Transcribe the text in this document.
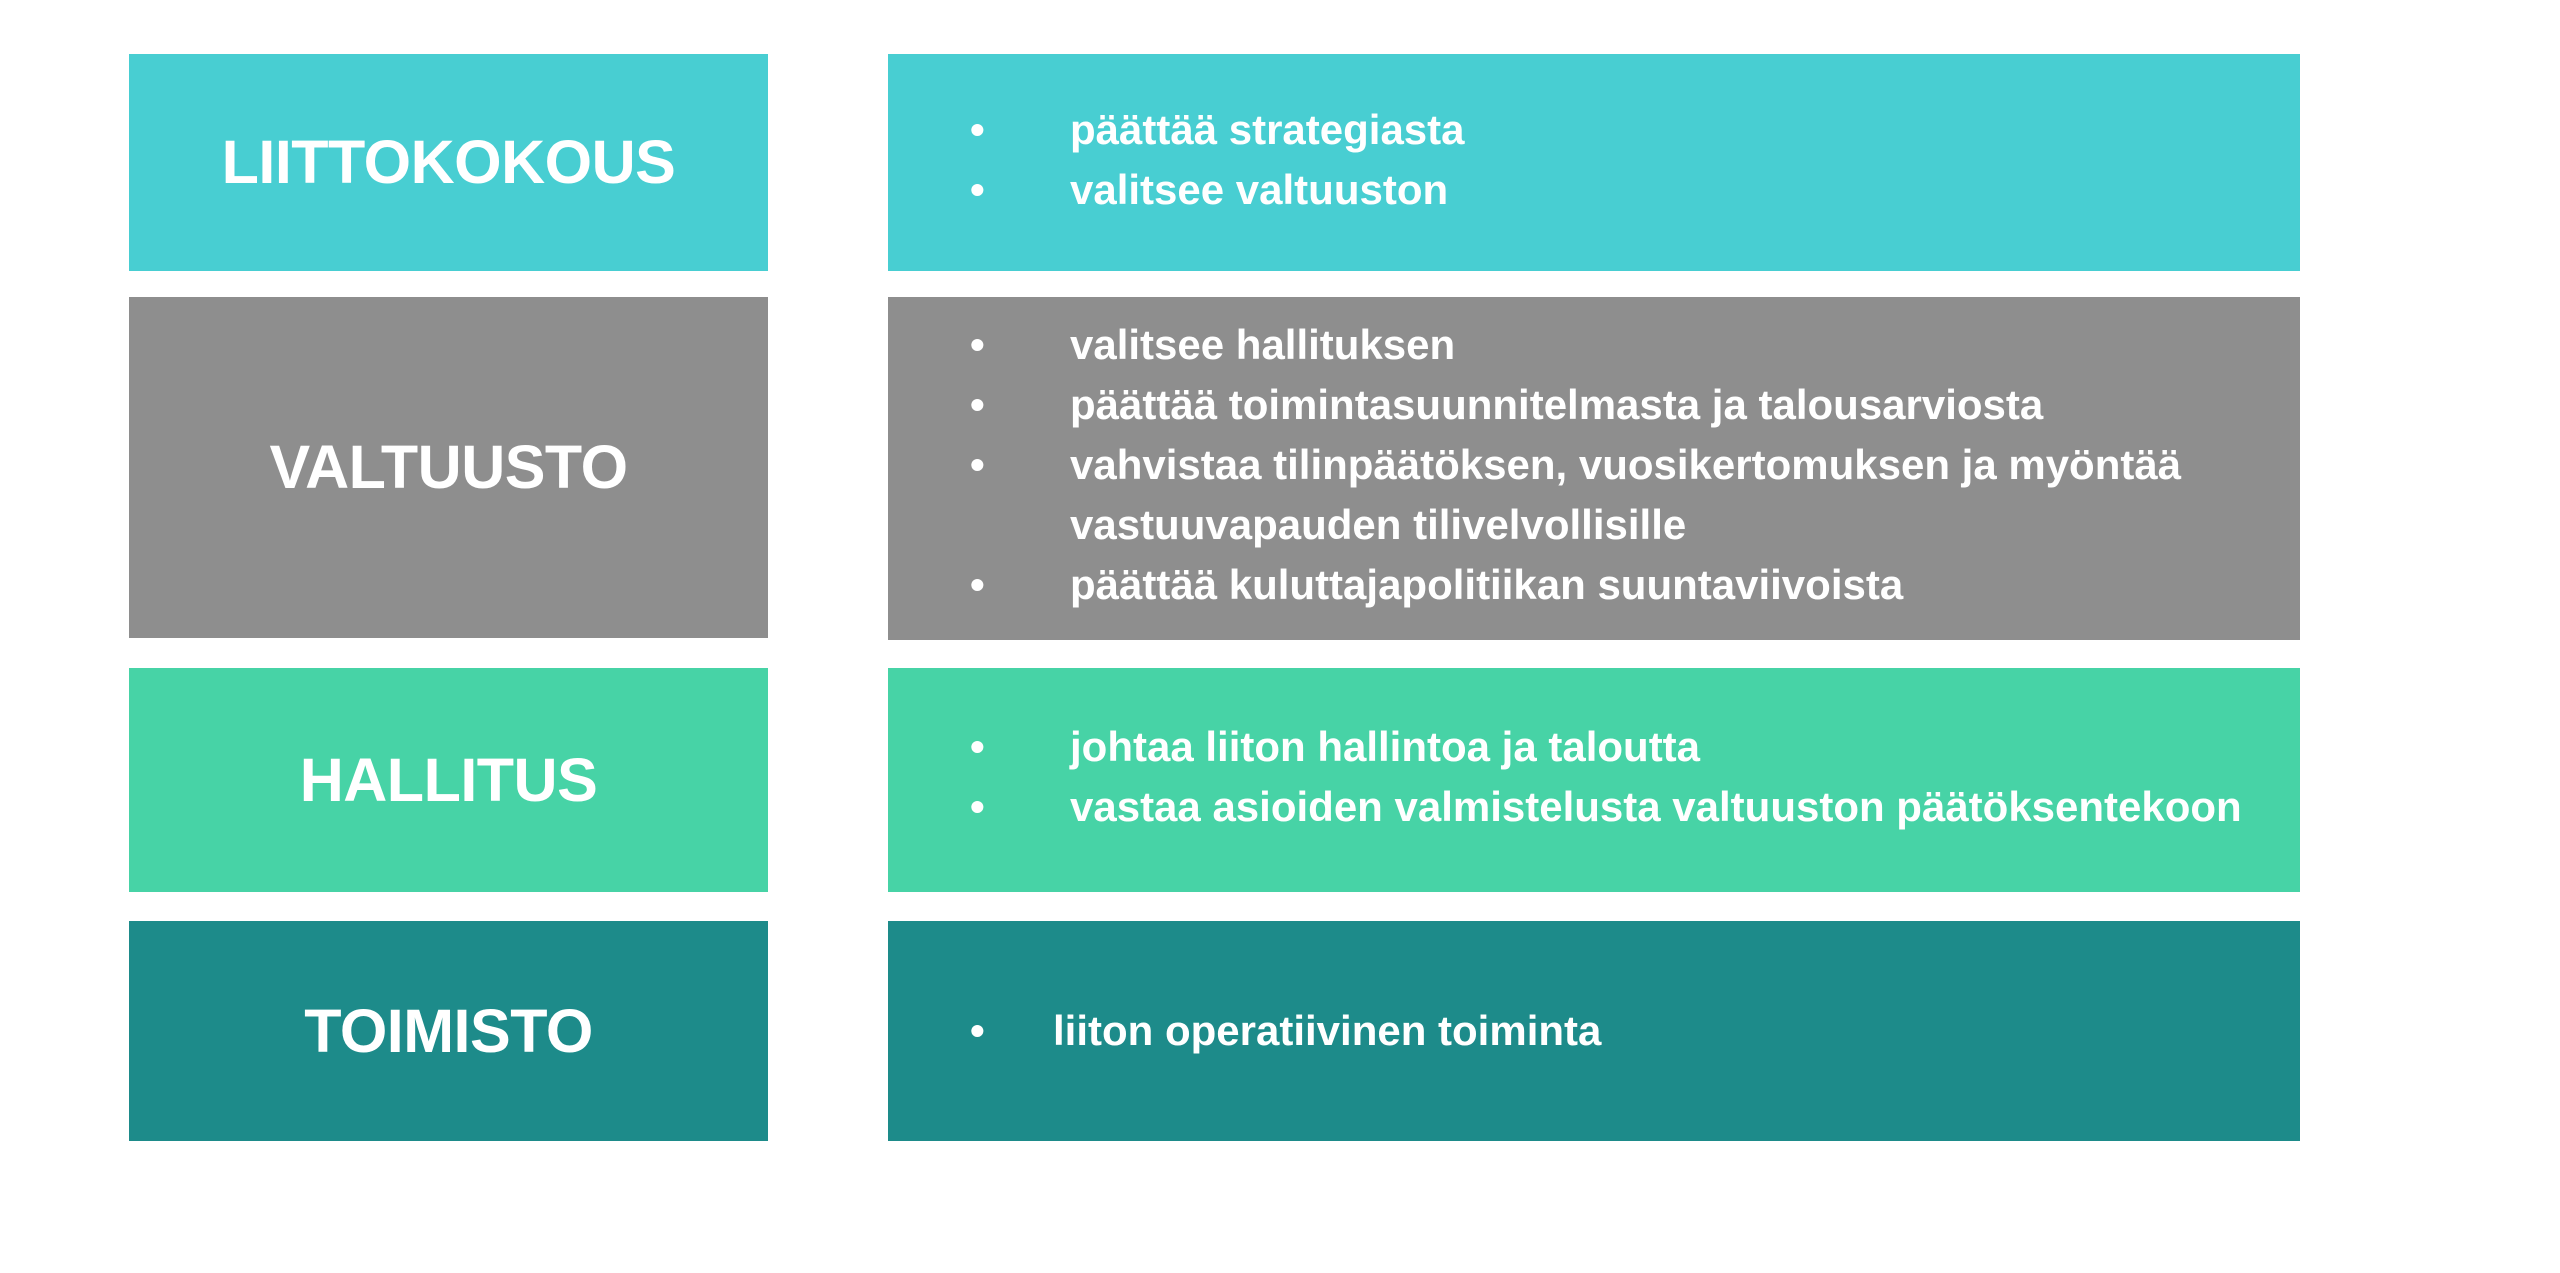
LIITTOKOKOUS	•	päättää strategiasta
•	valitsee valtuuston
VALTUUSTO
•	valitsee hallituksen
•	päättää toimintasuunnitelmasta ja talousarviosta
•	vahvistaa tilinpäätöksen, vuosikertomuksen ja myöntää
vastuuvapauden tilivelvollisille
•	päättää kuluttajapolitiikan suuntaviivoista
HALLITUS	•	johtaa liiton hallintoa ja taloutta
•	vastaa asioiden valmistelusta valtuuston päätöksentekoon
TOIMISTO	•	liiton operatiivinen toiminta
